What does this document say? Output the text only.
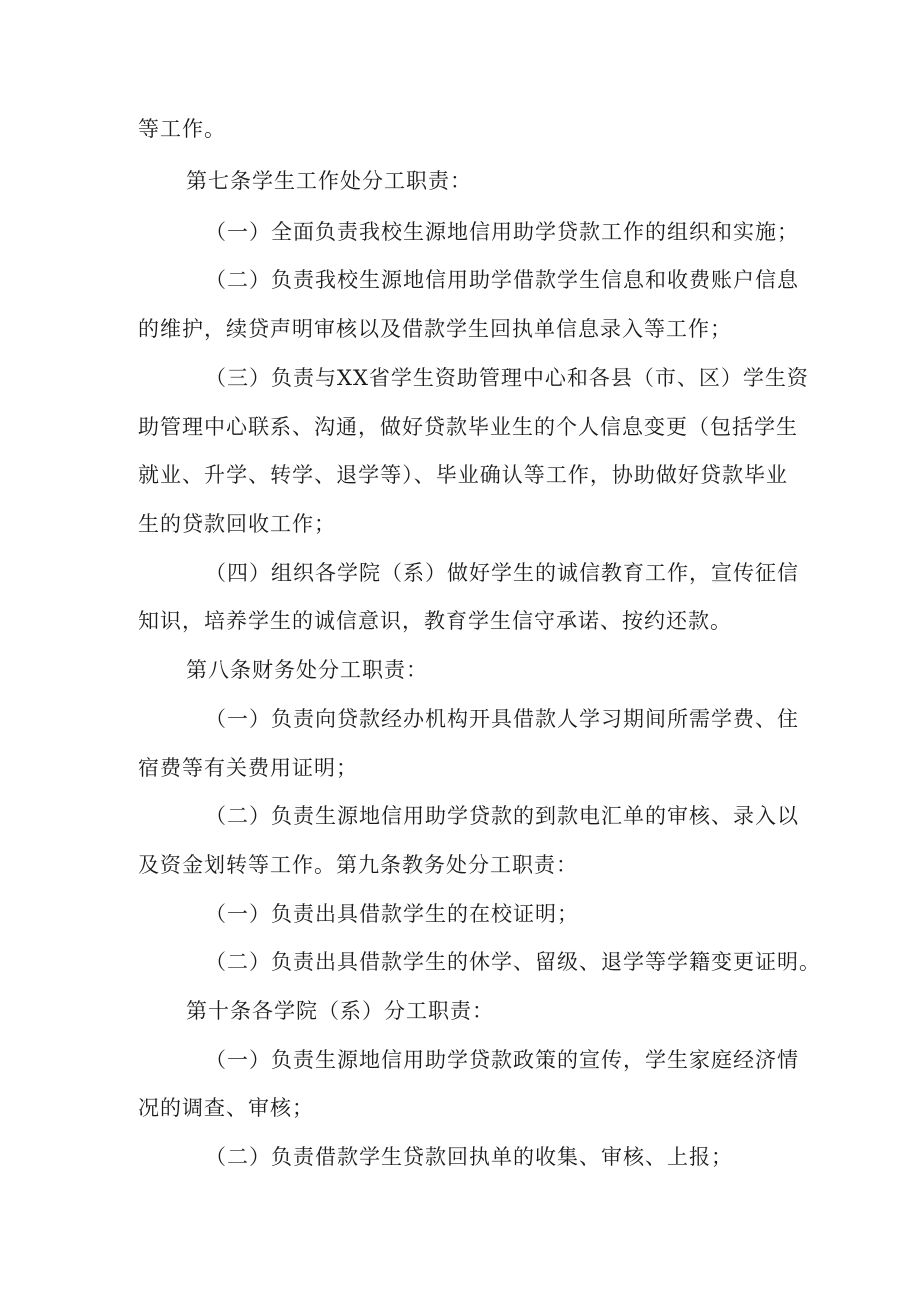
等工作。
第七条学生工作处分工职责：
（一）全面负责我校生源地信用助学贷款工作的组织和实施；
（二）负责我校生源地信用助学借款学生信息和收费账户信息
的维护，续贷声明审核以及借款学生回执单信息录入等工作；
（三）负责与XX省学生资助管理中心和各县（市、区）学生资
助管理中心联系、沟通，做好贷款毕业生的个人信息变更（包括学生
就业、升学、转学、退学等）、毕业确认等工作，协助做好贷款毕业
生的贷款回收工作；
（四）组织各学院（系）做好学生的诚信教育工作，宣传征信
知识，培养学生的诚信意识，教育学生信守承诺、按约还款。
第八条财务处分工职责：
（一）负责向贷款经办机构开具借款人学习期间所需学费、住
宿费等有关费用证明；
（二）负责生源地信用助学贷款的到款电汇单的审核、录入以
及资金划转等工作。第九条教务处分工职责：
（一）负责出具借款学生的在校证明；
（二）负责出具借款学生的休学、留级、退学等学籍变更证明。
第十条各学院（系）分工职责：
（一）负责生源地信用助学贷款政策的宣传，学生家庭经济情
况的调查、审核；
（二）负责借款学生贷款回执单的收集、审核、上报；
